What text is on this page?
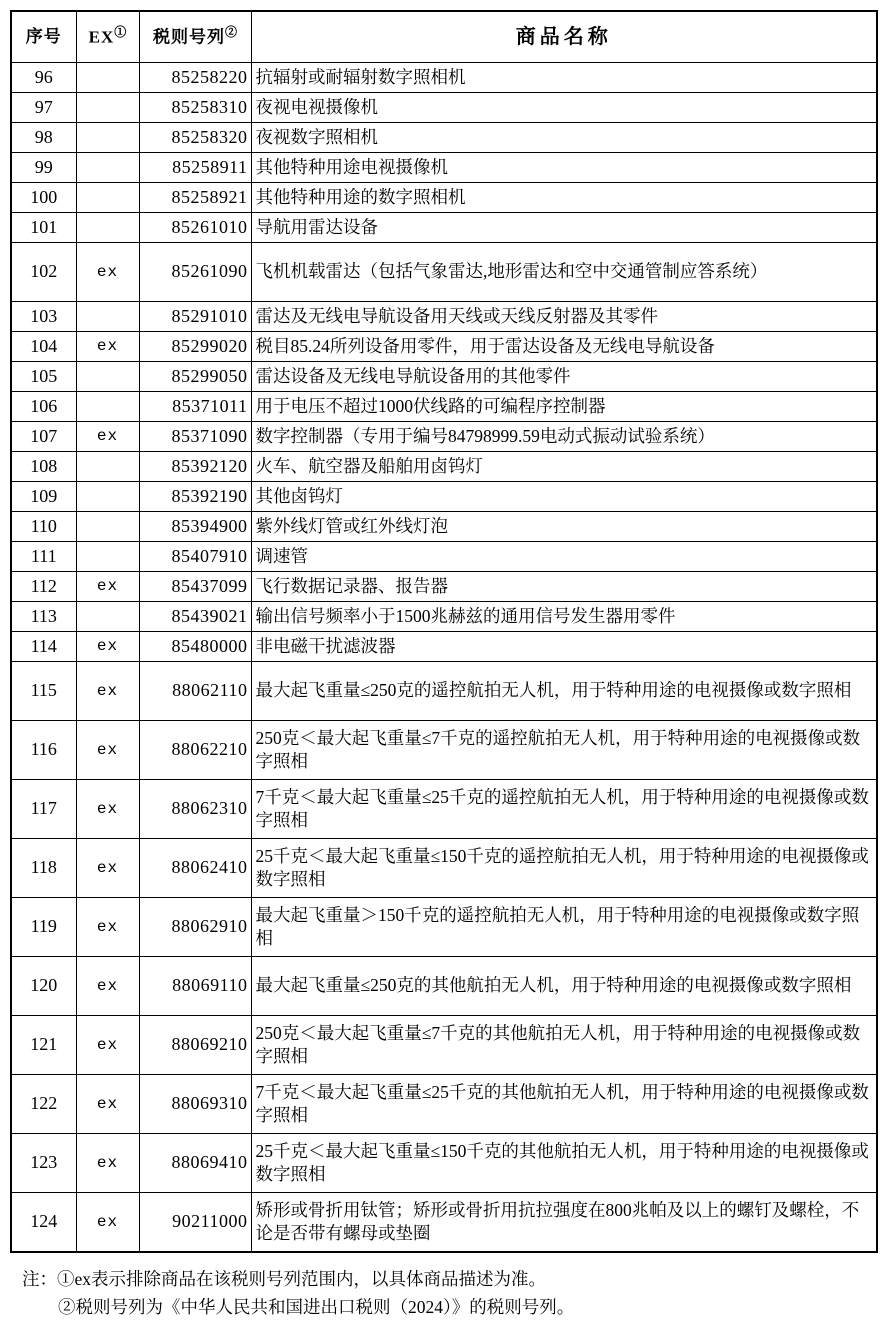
序号	EX①	税则号列②	商品名称
96		85258220	抗辐射或耐辐射数字照相机
97		85258310	夜视电视摄像机
98		85258320	夜视数字照相机
99		85258911	其他特种用途电视摄像机
100		85258921	其他特种用途的数字照相机
101		85261010	导航用雷达设备
102	ex	85261090	飞机机载雷达（包括气象雷达,地形雷达和空中交通管制应答系统）
103		85291010	雷达及无线电导航设备用天线或天线反射器及其零件
104	ex	85299020	税目85.24所列设备用零件，用于雷达设备及无线电导航设备
105		85299050	雷达设备及无线电导航设备用的其他零件
106		85371011	用于电压不超过1000伏线路的可编程序控制器
107	ex	85371090	数字控制器（专用于编号84798999.59电动式振动试验系统）
108		85392120	火车、航空器及船舶用卤钨灯
109		85392190	其他卤钨灯
110		85394900	紫外线灯管或红外线灯泡
111		85407910	调速管
112	ex	85437099	飞行数据记录器、报告器
113		85439021	输出信号频率小于1500兆赫兹的通用信号发生器用零件
114	ex	85480000	非电磁干扰滤波器
115	ex	88062110	最大起飞重量≤250克的遥控航拍无人机，用于特种用途的电视摄像或数字照相
116	ex	88062210	250克＜最大起飞重量≤7千克的遥控航拍无人机，用于特种用途的电视摄像或数字照相
117	ex	88062310	7千克＜最大起飞重量≤25千克的遥控航拍无人机，用于特种用途的电视摄像或数字照相
118	ex	88062410	25千克＜最大起飞重量≤150千克的遥控航拍无人机，用于特种用途的电视摄像或数字照相
119	ex	88062910	最大起飞重量＞150千克的遥控航拍无人机，用于特种用途的电视摄像或数字照相
120	ex	88069110	最大起飞重量≤250克的其他航拍无人机，用于特种用途的电视摄像或数字照相
121	ex	88069210	250克＜最大起飞重量≤7千克的其他航拍无人机，用于特种用途的电视摄像或数字照相
122	ex	88069310	7千克＜最大起飞重量≤25千克的其他航拍无人机，用于特种用途的电视摄像或数字照相
123	ex	88069410	25千克＜最大起飞重量≤150千克的其他航拍无人机，用于特种用途的电视摄像或数字照相
124	ex	90211000	矫形或骨折用钛管；矫形或骨折用抗拉强度在800兆帕及以上的螺钉及螺栓，不论是否带有螺母或垫圈
注：①ex表示排除商品在该税则号列范围内，以具体商品描述为准。
②税则号列为《中华人民共和国进出口税则（2024）》的税则号列。
